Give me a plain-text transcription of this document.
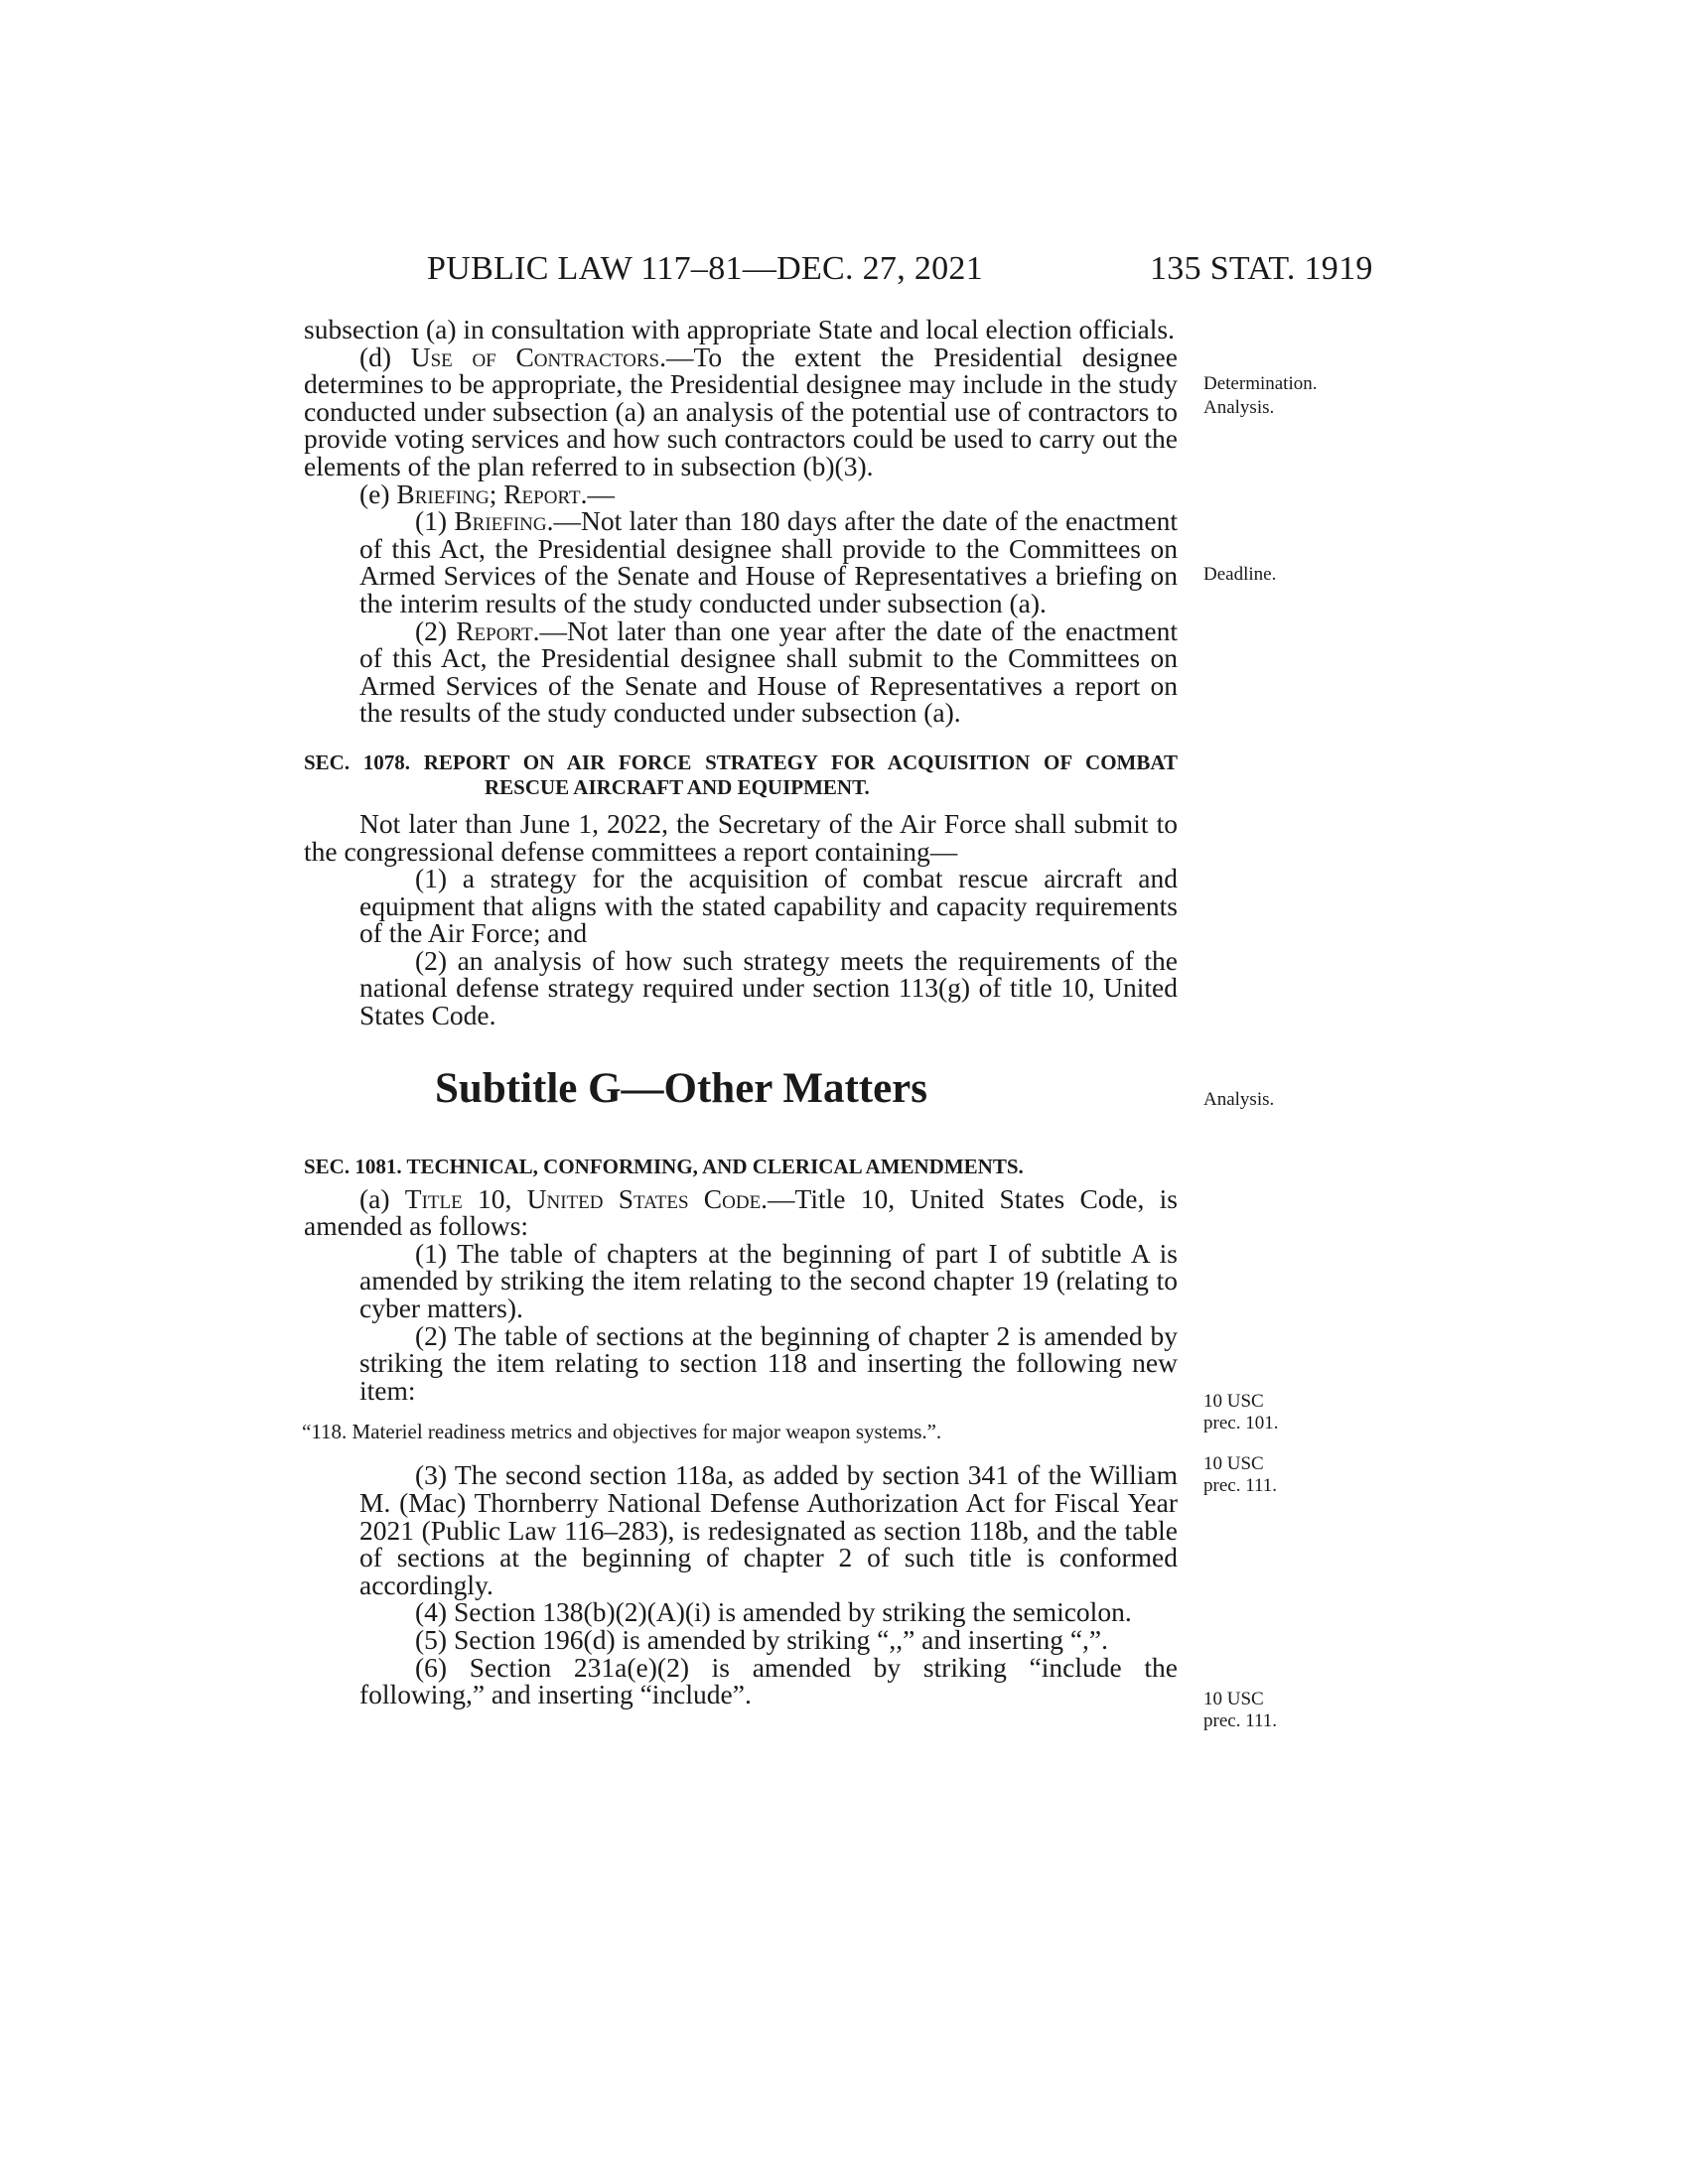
PUBLIC LAW 117–81—DEC. 27, 2021	135 STAT. 1919

subsection (a) in consultation with appropriate State and local election officials.

(d) Use of Contractors.—To the extent the Presidential designee determines to be appropriate, the Presidential designee may include in the study conducted under subsection (a) an analysis of the potential use of contractors to provide voting services and how such contractors could be used to carry out the elements of the plan referred to in subsection (b)(3).

(e) Briefing; Report.—

(1) Briefing.—Not later than 180 days after the date of the enactment of this Act, the Presidential designee shall provide to the Committees on Armed Services of the Senate and House of Representatives a briefing on the interim results of the study conducted under subsection (a).

(2) Report.—Not later than one year after the date of the enactment of this Act, the Presidential designee shall submit to the Committees on Armed Services of the Senate and House of Representatives a report on the results of the study conducted under subsection (a).

SEC. 1078. REPORT ON AIR FORCE STRATEGY FOR ACQUISITION OF COMBAT RESCUE AIRCRAFT AND EQUIPMENT.

Not later than June 1, 2022, the Secretary of the Air Force shall submit to the congressional defense committees a report containing—

(1) a strategy for the acquisition of combat rescue aircraft and equipment that aligns with the stated capability and capacity requirements of the Air Force; and

(2) an analysis of how such strategy meets the requirements of the national defense strategy required under section 113(g) of title 10, United States Code.

Subtitle G—Other Matters

SEC. 1081. TECHNICAL, CONFORMING, AND CLERICAL AMENDMENTS.

(a) Title 10, United States Code.—Title 10, United States Code, is amended as follows:

(1) The table of chapters at the beginning of part I of subtitle A is amended by striking the item relating to the second chapter 19 (relating to cyber matters).

(2) The table of sections at the beginning of chapter 2 is amended by striking the item relating to section 118 and inserting the following new item:

“118. Materiel readiness metrics and objectives for major weapon systems.”.

(3) The second section 118a, as added by section 341 of the William M. (Mac) Thornberry National Defense Authorization Act for Fiscal Year 2021 (Public Law 116–283), is redesignated as section 118b, and the table of sections at the beginning of chapter 2 of such title is conformed accordingly.

(4) Section 138(b)(2)(A)(i) is amended by striking the semicolon.

(5) Section 196(d) is amended by striking “,,” and inserting “,”.

(6) Section 231a(e)(2) is amended by striking “include the following,” and inserting “include”.

Determination.
Analysis.
Deadline.
Analysis.
10 USC
prec. 101.
10 USC
prec. 111.
10 USC
prec. 111.
